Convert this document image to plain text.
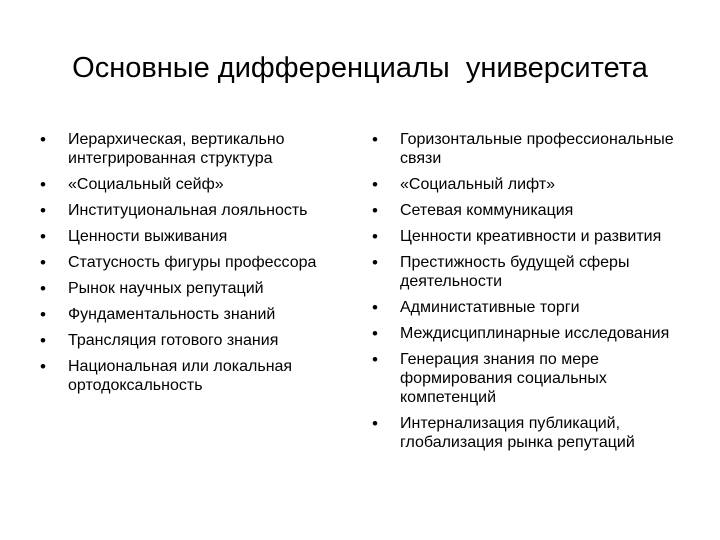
Основные дифференциалы  университета
•	Иерархическая, вертикально интегрированная структура
•	«Социальный сейф»
•	Институциональная лояльность
•	Ценности выживания
•	Статусность фигуры профессора
•	Рынок научных репутаций
•	Фундаментальность знаний
•	Трансляция готового знания
•	Национальная или локальная ортодоксальность
•	Горизонтальные профессиональные связи
•	«Социальный лифт»
•	Сетевая коммуникация
•	Ценности креативности и развития
•	Престижность будущей сферы деятельности
•	Администативные торги
•	Междисциплинарные исследования
•	Генерация знания по мере формирования социальных компетенций
•	Интернализация публикаций, глобализация рынка репутаций
